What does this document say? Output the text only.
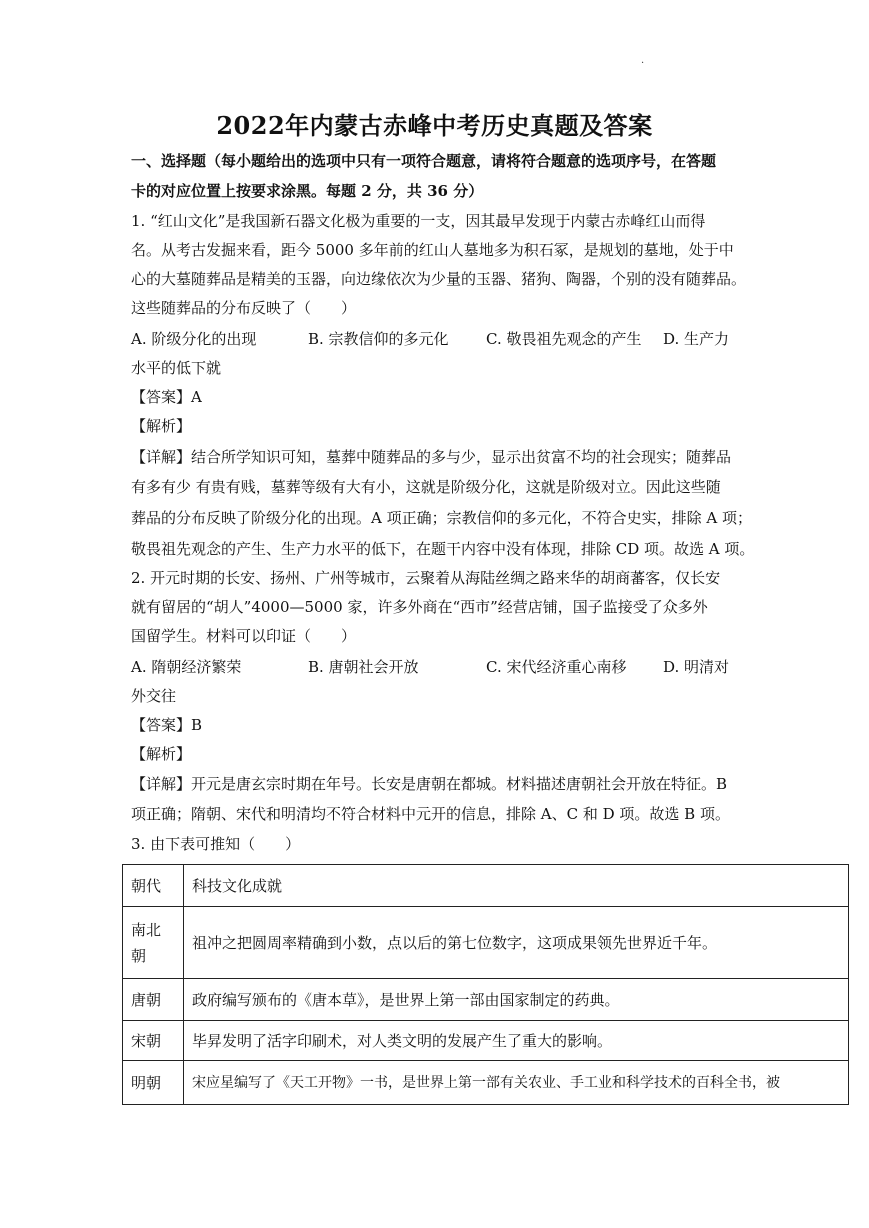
·
2022年内蒙古赤峰中考历史真题及答案
一、选择题（每小题给出的选项中只有一项符合题意，请将符合题意的选项序号，在答题
卡的对应位置上按要求涂黑。每题 2 分，共 36 分）
1. “红山文化”是我国新石器文化极为重要的一支，因其最早发现于内蒙古赤峰红山而得
名。从考古发掘来看，距今 5000 多年前的红山人墓地多为积石冢，是规划的墓地，处于中
心的大墓随葬品是精美的玉器，向边缘依次为少量的玉器、猪狗、陶器，个别的没有随葬品。
这些随葬品的分布反映了（　　）
A. 阶级分化的出现	B. 宗教信仰的多元化 C. 敬畏祖先观念的产生 D. 生产力
水平的低下就
【答案】A
【解析】
【详解】结合所学知识可知，墓葬中随葬品的多与少，显示出贫富不均的社会现实；随葬品
有多有少 有贵有贱，墓葬等级有大有小，这就是阶级分化，这就是阶级对立。因此这些随
葬品的分布反映了阶级分化的出现。A 项正确；宗教信仰的多元化，不符合史实，排除 A 项；
敬畏祖先观念的产生、生产力水平的低下，在题干内容中没有体现，排除 CD 项。故选 A 项。
2. 开元时期的长安、扬州、广州等城市，云聚着从海陆丝绸之路来华的胡商蕃客，仅长安
就有留居的“胡人”4000—5000 家，许多外商在“西市”经营店铺，国子监接受了众多外
国留学生。材料可以印证（　　）
A. 隋朝经济繁荣	B. 唐朝社会开放	C. 宋代经济重心南移 D. 明清对
外交往
【答案】B
【解析】
【详解】开元是唐玄宗时期在年号。长安是唐朝在都城。材料描述唐朝社会开放在特征。B
项正确；隋朝、宋代和明清均不符合材料中元开的信息，排除 A、C 和 D 项。故选 B 项。
3. 由下表可推知（　　）
朝代	科技文化成就
南北
朝	祖冲之把圆周率精确到小数，点以后的第七位数字，这项成果领先世界近千年。
唐朝	政府编写颁布的《唐本草》，是世界上第一部由国家制定的药典。
宋朝	毕昇发明了活字印刷术，对人类文明的发展产生了重大的影响。
明朝	宋应星编写了《天工开物》一书，是世界上第一部有关农业、手工业和科学技术的百科全书，被
